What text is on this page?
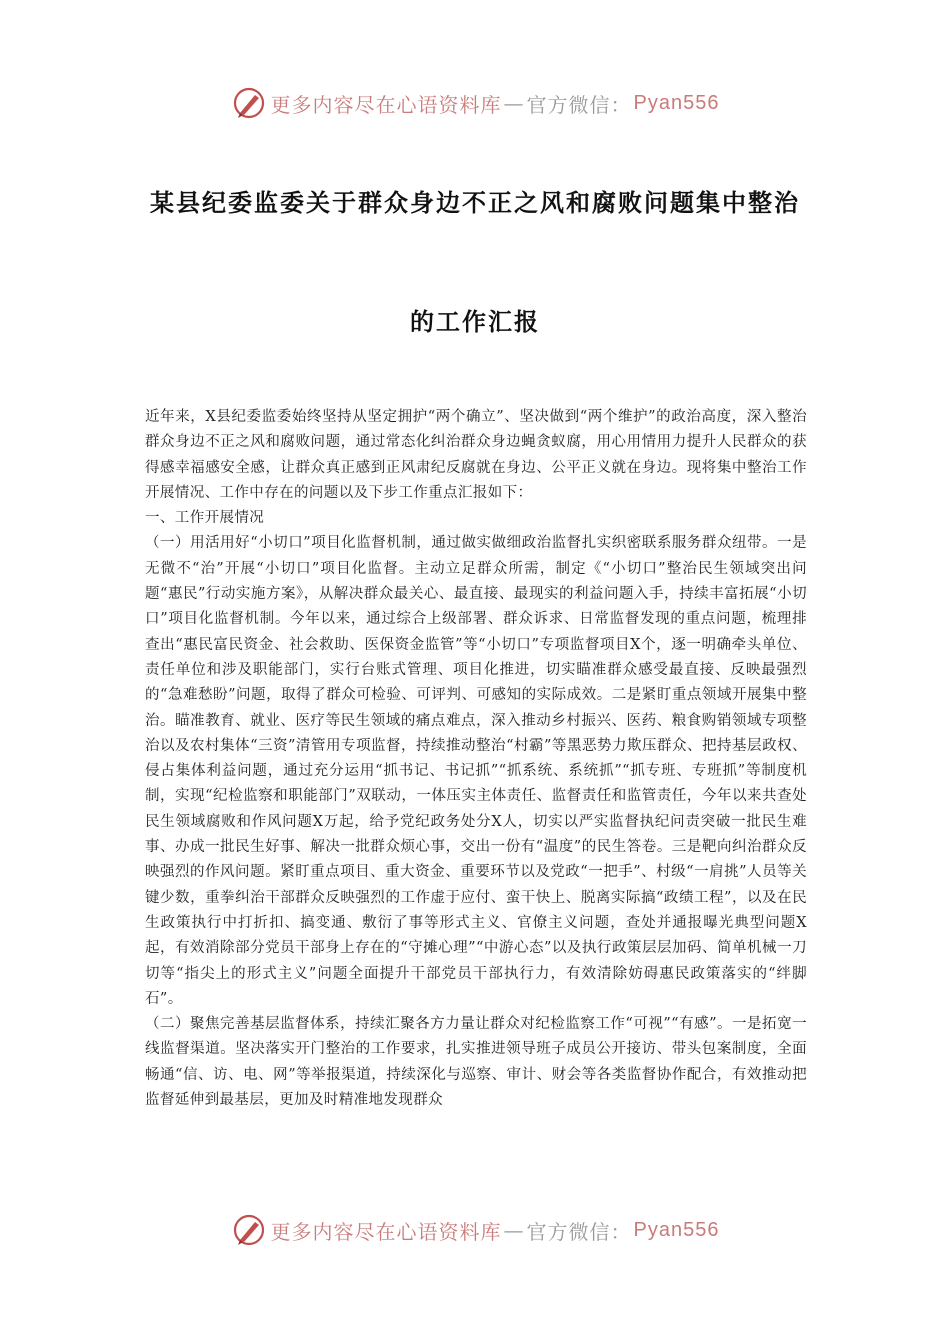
更多内容尽在心语资料库 — 官方微信： Pyan556
某县纪委监委关于群众身边不正之风和腐败问题集中整治
的工作汇报

近年来，X县纪委监委始终坚持从坚定拥护“两个确立”、坚决做到“两个维护”的政治高度，深入整治群众身边不正之风和腐败问题，通过常态化纠治群众身边蝇贪蚁腐，用心用情用力提升人民群众的获得感幸福感安全感，让群众真正感到正风肃纪反腐就在身边、公平正义就在身边。现将集中整治工作开展情况、工作中存在的问题以及下步工作重点汇报如下：

一、工作开展情况

（一）用活用好“小切口”项目化监督机制，通过做实做细政治监督扎实织密联系服务群众纽带。一是无微不“治”开展“小切口”项目化监督。主动立足群众所需，制定《“小切口”整治民生领域突出问题“惠民”行动实施方案》，从解决群众最关心、最直接、最现实的利益问题入手，持续丰富拓展“小切口”项目化监督机制。今年以来，通过综合上级部署、群众诉求、日常监督发现的重点问题，梳理排查出“惠民富民资金、社会救助、医保资金监管”等“小切口”专项监督项目X个，逐一明确牵头单位、责任单位和涉及职能部门，实行台账式管理、项目化推进，切实瞄准群众感受最直接、反映最强烈的“急难愁盼”问题，取得了群众可检验、可评判、可感知的实际成效。二是紧盯重点领域开展集中整治。瞄准教育、就业、医疗等民生领域的痛点难点，深入推动乡村振兴、医药、粮食购销领域专项整治以及农村集体“三资”清管用专项监督，持续推动整治“村霸”等黑恶势力欺压群众、把持基层政权、侵占集体利益问题，通过充分运用“抓书记、书记抓”“抓系统、系统抓”“抓专班、专班抓”等制度机制，实现“纪检监察和职能部门”双联动，一体压实主体责任、监督责任和监管责任，今年以来共查处民生领域腐败和作风问题X万起，给予党纪政务处分X人，切实以严实监督执纪问责突破一批民生难事、办成一批民生好事、解决一批群众烦心事，交出一份有“温度”的民生答卷。三是靶向纠治群众反映强烈的作风问题。紧盯重点项目、重大资金、重要环节以及党政“一把手”、村级“一肩挑”人员等关键少数，重拳纠治干部群众反映强烈的工作虚于应付、蛮干快上、脱离实际搞“政绩工程”，以及在民生政策执行中打折扣、搞变通、敷衍了事等形式主义、官僚主义问题，查处并通报曝光典型问题X起，有效消除部分党员干部身上存在的“守摊心理”“中游心态”以及执行政策层层加码、简单机械一刀切等“指尖上的形式主义”问题全面提升干部党员干部执行力，有效清除妨碍惠民政策落实的“绊脚石”。

（二）聚焦完善基层监督体系，持续汇聚各方力量让群众对纪检监察工作“可视”“有感”。一是拓宽一线监督渠道。坚决落实开门整治的工作要求，扎实推进领导班子成员公开接访、带头包案制度，全面畅通“信、访、电、网”等举报渠道，持续深化与巡察、审计、财会等各类监督协作配合，有效推动把监督延伸到最基层，更加及时精准地发现群众

更多内容尽在心语资料库 — 官方微信： Pyan556
